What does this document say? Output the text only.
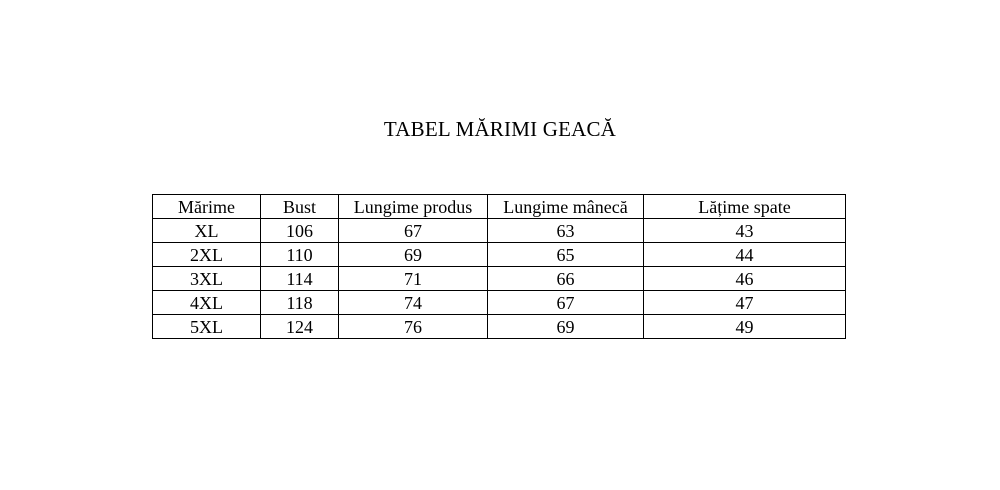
TABEL MĂRIMI GEACĂ
Mărime	Bust	Lungime produs	Lungime mânecă	Lățime spate
XL	106	67	63	43
2XL	110	69	65	44
3XL	114	71	66	46
4XL	118	74	67	47
5XL	124	76	69	49
